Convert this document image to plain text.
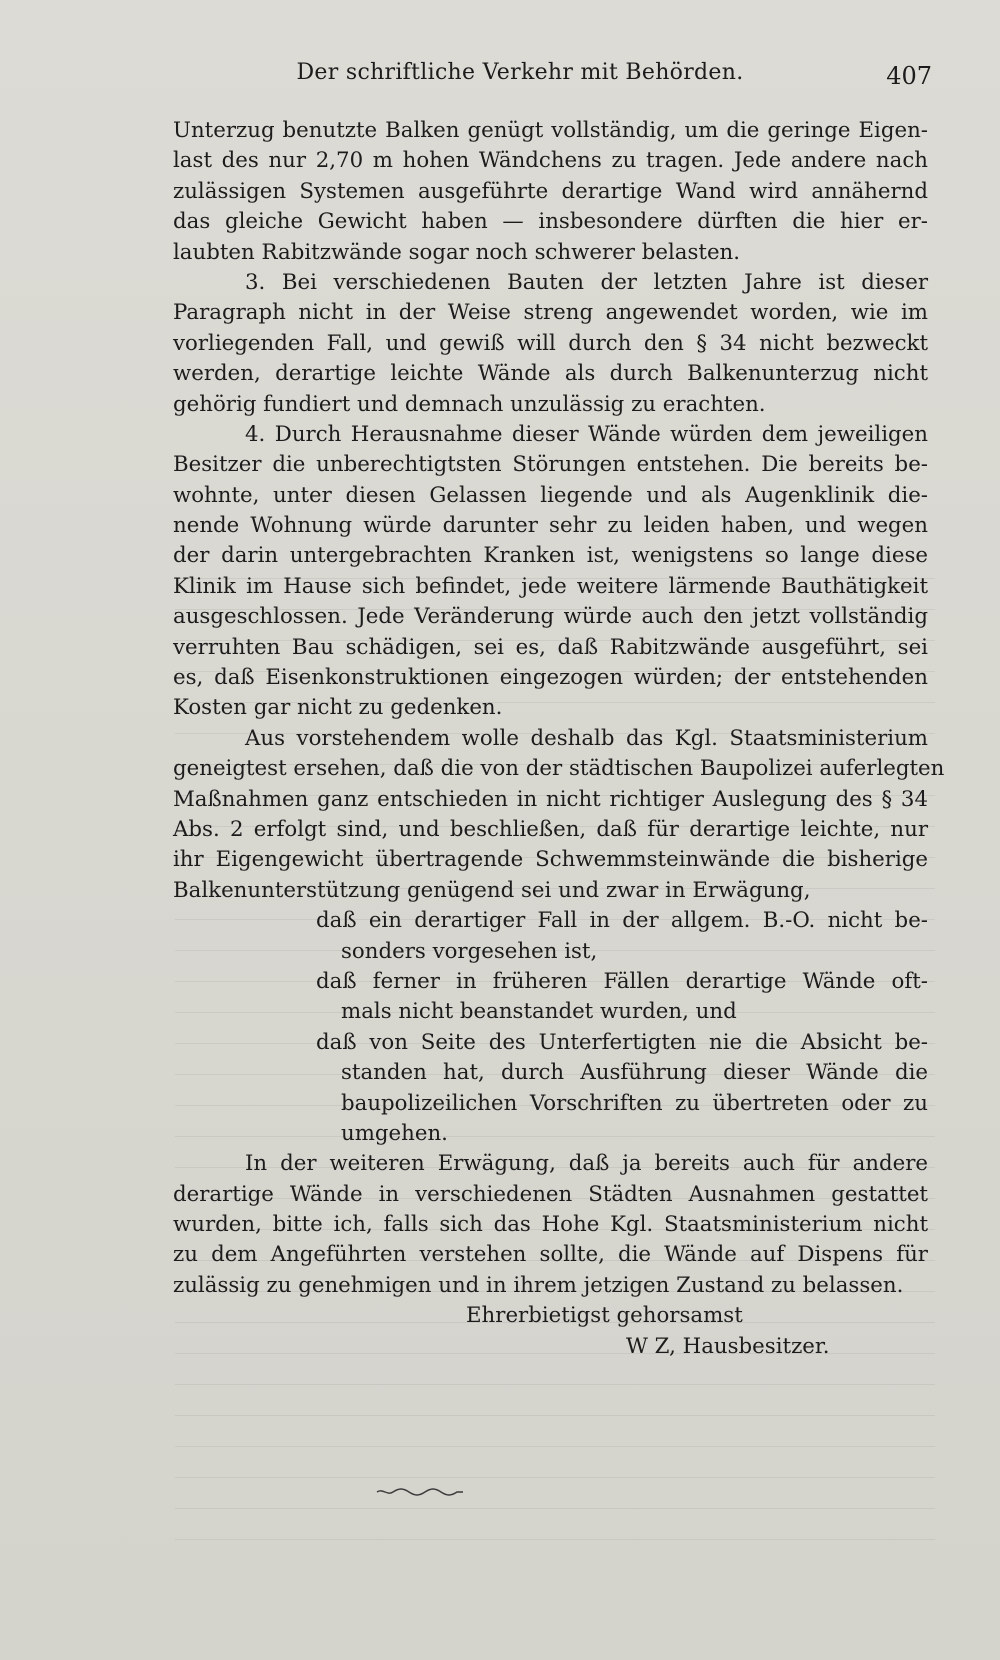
Der schriftliche Verkehr mit Behörden.	407
Unterzug benutzte Balken genügt vollständig, um die geringe Eigen-
last des nur 2,70 m hohen Wändchens zu tragen. Jede andere nach
zulässigen Systemen ausgeführte derartige Wand wird annähernd
das gleiche Gewicht haben — insbesondere dürften die hier er-
laubten Rabitzwände sogar noch schwerer belasten.
3. Bei verschiedenen Bauten der letzten Jahre ist dieser
Paragraph nicht in der Weise streng angewendet worden, wie im
vorliegenden Fall, und gewiß will durch den § 34 nicht bezweckt
werden, derartige leichte Wände als durch Balkenunterzug nicht
gehörig fundiert und demnach unzulässig zu erachten.
4. Durch Herausnahme dieser Wände würden dem jeweiligen
Besitzer die unberechtigtsten Störungen entstehen. Die bereits be-
wohnte, unter diesen Gelassen liegende und als Augenklinik die-
nende Wohnung würde darunter sehr zu leiden haben, und wegen
der darin untergebrachten Kranken ist, wenigstens so lange diese
Klinik im Hause sich befindet, jede weitere lärmende Bauthätigkeit
ausgeschlossen. Jede Veränderung würde auch den jetzt vollständig
verruhten Bau schädigen, sei es, daß Rabitzwände ausgeführt, sei
es, daß Eisenkonstruktionen eingezogen würden; der entstehenden
Kosten gar nicht zu gedenken.
Aus vorstehendem wolle deshalb das Kgl. Staatsministerium
geneigtest ersehen, daß die von der städtischen Baupolizei auferlegten
Maßnahmen ganz entschieden in nicht richtiger Auslegung des § 34
Abs. 2 erfolgt sind, und beschließen, daß für derartige leichte, nur
ihr Eigengewicht übertragende Schwemmsteinwände die bisherige
Balkenunterstützung genügend sei und zwar in Erwägung,
daß ein derartiger Fall in der allgem. B.-O. nicht be-
sonders vorgesehen ist,
daß ferner in früheren Fällen derartige Wände oft-
mals nicht beanstandet wurden, und
daß von Seite des Unterfertigten nie die Absicht be-
standen hat, durch Ausführung dieser Wände die
baupolizeilichen Vorschriften zu übertreten oder zu
umgehen.
In der weiteren Erwägung, daß ja bereits auch für andere
derartige Wände in verschiedenen Städten Ausnahmen gestattet
wurden, bitte ich, falls sich das Hohe Kgl. Staatsministerium nicht
zu dem Angeführten verstehen sollte, die Wände auf Dispens für
zulässig zu genehmigen und in ihrem jetzigen Zustand zu belassen.
Ehrerbietigst gehorsamst
W Z, Hausbesitzer.
